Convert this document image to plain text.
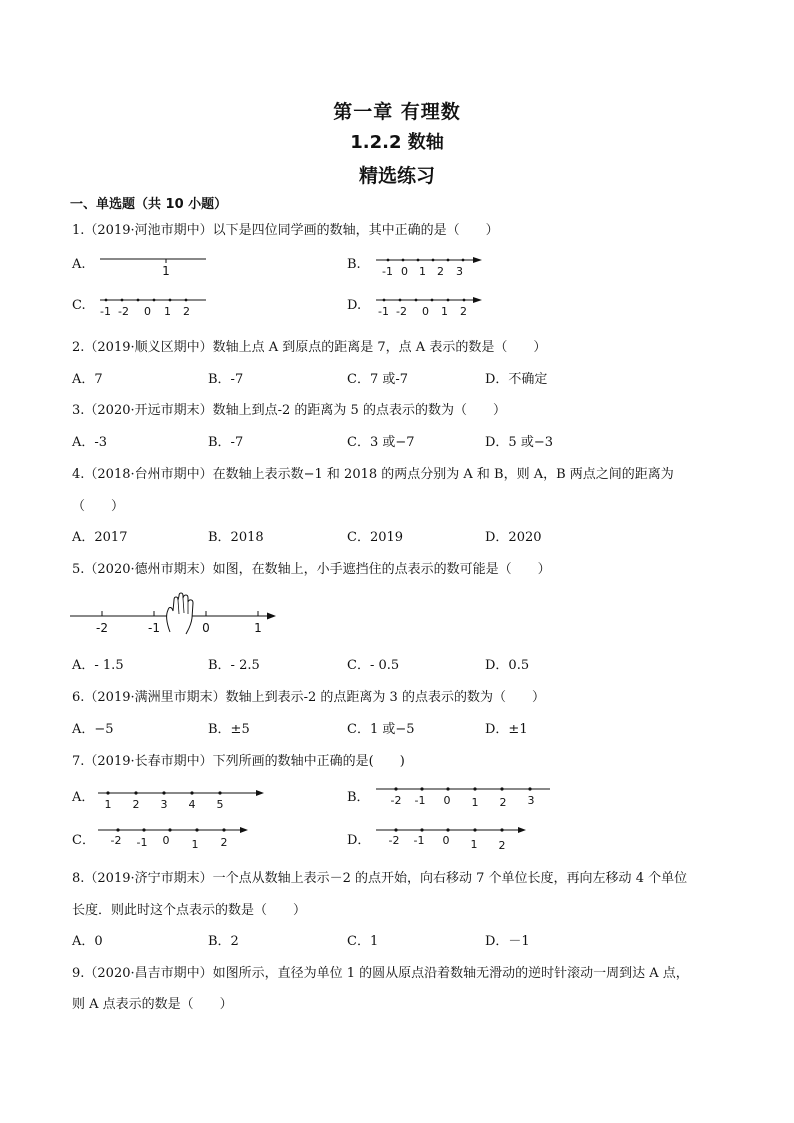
第一章 有理数
1.2.2 数轴
精选练习
一、单选题（共 10 小题）
1.（2019·河池市期中）以下是四位同学画的数轴，其中正确的是（　　）
A.	1	B. -1 0 1 2 3
C. -1 -2 0 1 2	D. -1 -2 0 1 2
2.（2019·顺义区期中）数轴上点 A 到原点的距离是 7，点 A 表示的数是（　　）
A．7	B．-7	C．7 或-7	D．不确定
3.（2020·开远市期末）数轴上到点-2 的距离为 5 的点表示的数为（　　）
A．-3	B．-7	C．3 或−7	D．5 或−3
4.（2018·台州市期中）在数轴上表示数−1 和 2018 的两点分别为 A 和 B，则 A，B 两点之间的距离为
（　　）
A．2017	B．2018	C．2019	D．2020
5.（2020·德州市期末）如图，在数轴上，小手遮挡住的点表示的数可能是（　　）
-2	-1	0	1
A．- 1.5	B．- 2.5	C．- 0.5	D．0.5
6.（2019·满洲里市期末）数轴上到表示-2 的点距离为 3 的点表示的数为（　　）
A．−5	B．±5	C．1 或−5	D．±1
7.（2019·长春市期中）下列所画的数轴中正确的是(　　)
A． 1 2 3 4 5	B． -2 -1 0 1 2 3
C． -2 -1 0 1 2	D． -2 -1 0 1 2
8.（2019·济宁市期末）一个点从数轴上表示－2 的点开始，向右移动 7 个单位长度，再向左移动 4 个单位
长度．则此时这个点表示的数是（　　）
A．0	B．2	C．1	D．－1
9.（2020·昌吉市期中）如图所示，直径为单位 1 的圆从原点沿着数轴无滑动的逆时针滚动一周到达 A 点，
则 A 点表示的数是（　　）
